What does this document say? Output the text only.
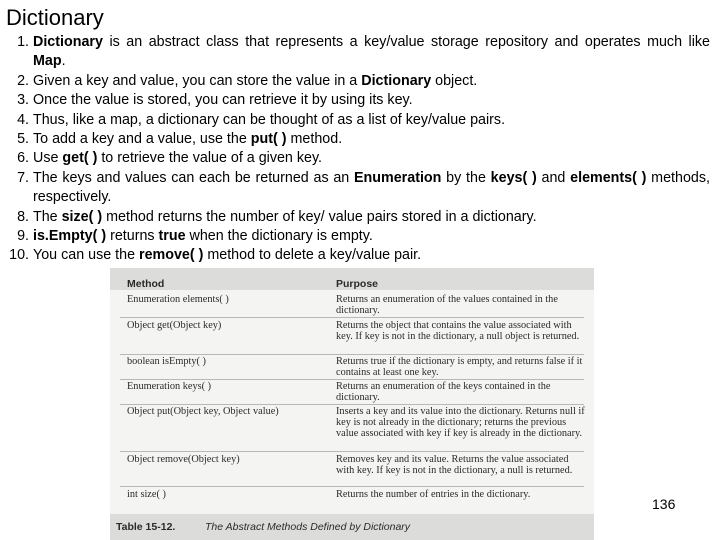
Dictionary
1. Dictionary is an abstract class that represents a key/value storage repository and operates much like Map.
2. Given a key and value, you can store the value in a Dictionary object.
3. Once the value is stored, you can retrieve it by using its key.
4. Thus, like a map, a dictionary can be thought of as a list of key/value pairs.
5. To add a key and a value, use the put( ) method.
6. Use get( ) to retrieve the value of a given key.
7. The keys and values can each be returned as an Enumeration by the keys( ) and elements( ) methods, respectively.
8. The size( ) method returns the number of key/ value pairs stored in a dictionary.
9. is.Empty( ) returns true when the dictionary is empty.
10. You can use the remove( ) method to delete a key/value pair.
Method	Purpose
Enumeration elements( )	Returns an enumeration of the values contained in the dictionary.
Object get(Object key)	Returns the object that contains the value associated with key. If key is not in the dictionary, a null object is returned.
boolean isEmpty( )	Returns true if the dictionary is empty, and returns false if it contains at least one key.
Enumeration keys( )	Returns an enumeration of the keys contained in the dictionary.
Object put(Object key, Object value)	Inserts a key and its value into the dictionary. Returns null if key is not already in the dictionary; returns the previous value associated with key if key is already in the dictionary.
Object remove(Object key)	Removes key and its value. Returns the value associated with key. If key is not in the dictionary, a null is returned.
int size( )	Returns the number of entries in the dictionary.
Table 15-12.	The Abstract Methods Defined by Dictionary
136
